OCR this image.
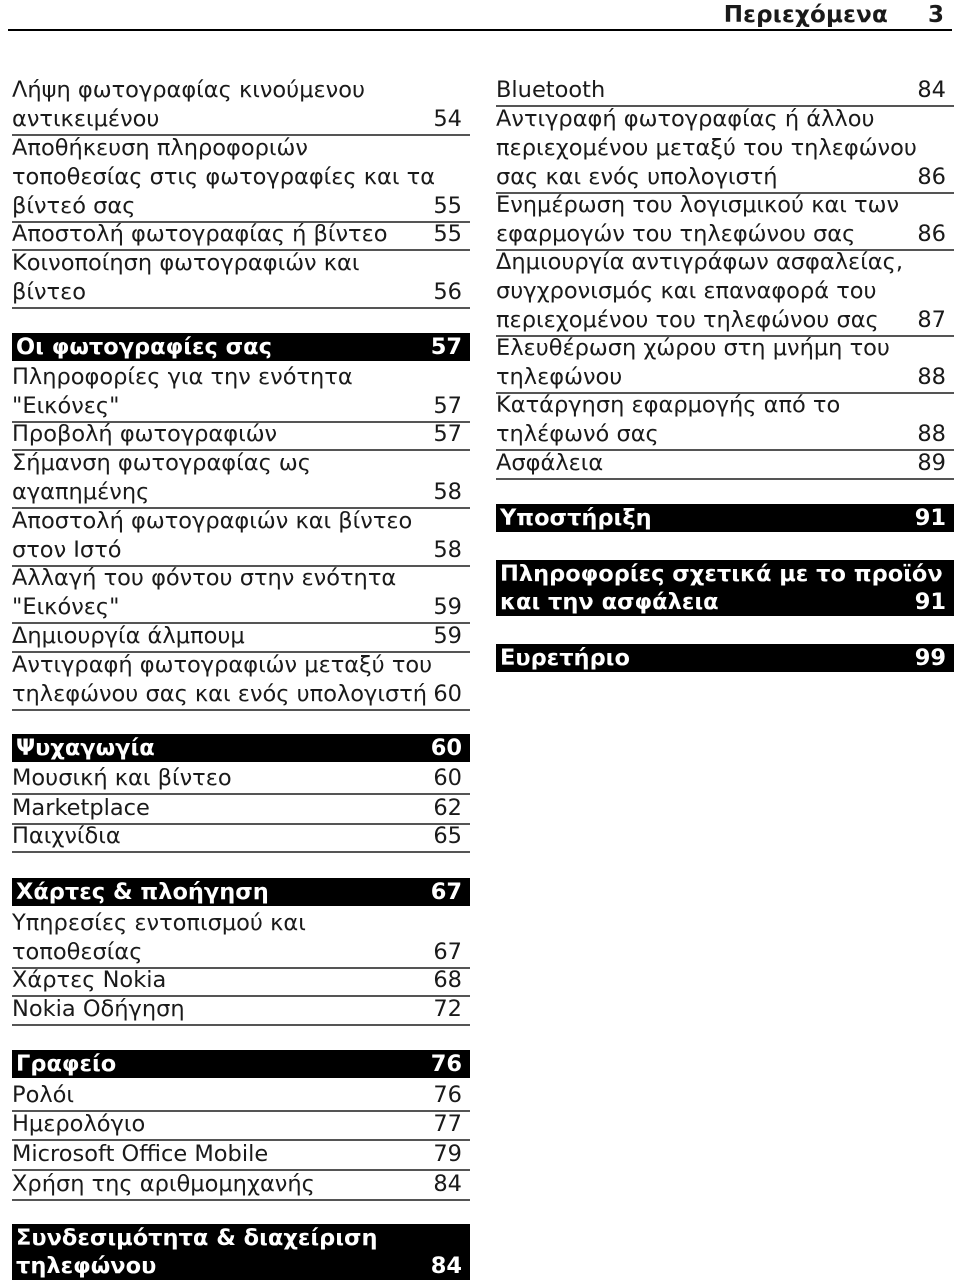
Περιεχόμενα 3
Λήψη φωτογραφίας κινούμενου
αντικειμένου	54
Αποθήκευση πληροφοριών
τοποθεσίας στις φωτογραφίες και τα
βίντεό σας	55
Αποστολή φωτογραφίας ή βίντεο	55
Κοινοποίηση φωτογραφιών και
βίντεο	56
Οι φωτογραφίες σας	57
Πληροφορίες για την ενότητα
"Εικόνες"	57
Προβολή φωτογραφιών	57
Σήμανση φωτογραφίας ως
αγαπημένης	58
Αποστολή φωτογραφιών και βίντεο
στον Ιστό	58
Αλλαγή του φόντου στην ενότητα
"Εικόνες"	59
Δημιουργία άλμπουμ	59
Αντιγραφή φωτογραφιών μεταξύ του
τηλεφώνου σας και ενός υπολογιστή 60
Ψυχαγωγία	60
Μουσική και βίντεο	60
Marketplace	62
Παιχνίδια	65
Χάρτες & πλοήγηση	67
Υπηρεσίες εντοπισμού και
τοποθεσίας	67
Χάρτες Nokia	68
Nokia Οδήγηση	72
Γραφείο	76
Ρολόι	76
Ημερολόγιο	77
Microsoft Office Mobile	79
Χρήση της αριθμομηχανής	84
Συνδεσιμότητα & διαχείριση
τηλεφώνου	84
Bluetooth	84
Αντιγραφή φωτογραφίας ή άλλου
περιεχομένου μεταξύ του τηλεφώνου
σας και ενός υπολογιστή	86
Ενημέρωση του λογισμικού και των
εφαρμογών του τηλεφώνου σας	86
Δημιουργία αντιγράφων ασφαλείας,
συγχρονισμός και επαναφορά του
περιεχομένου του τηλεφώνου σας	87
Ελευθέρωση χώρου στη μνήμη του
τηλεφώνου	88
Κατάργηση εφαρμογής από το
τηλέφωνό σας	88
Ασφάλεια	89
Υποστήριξη	91
Πληροφορίες σχετικά με το προϊόν
και την ασφάλεια	91
Ευρετήριο	99
